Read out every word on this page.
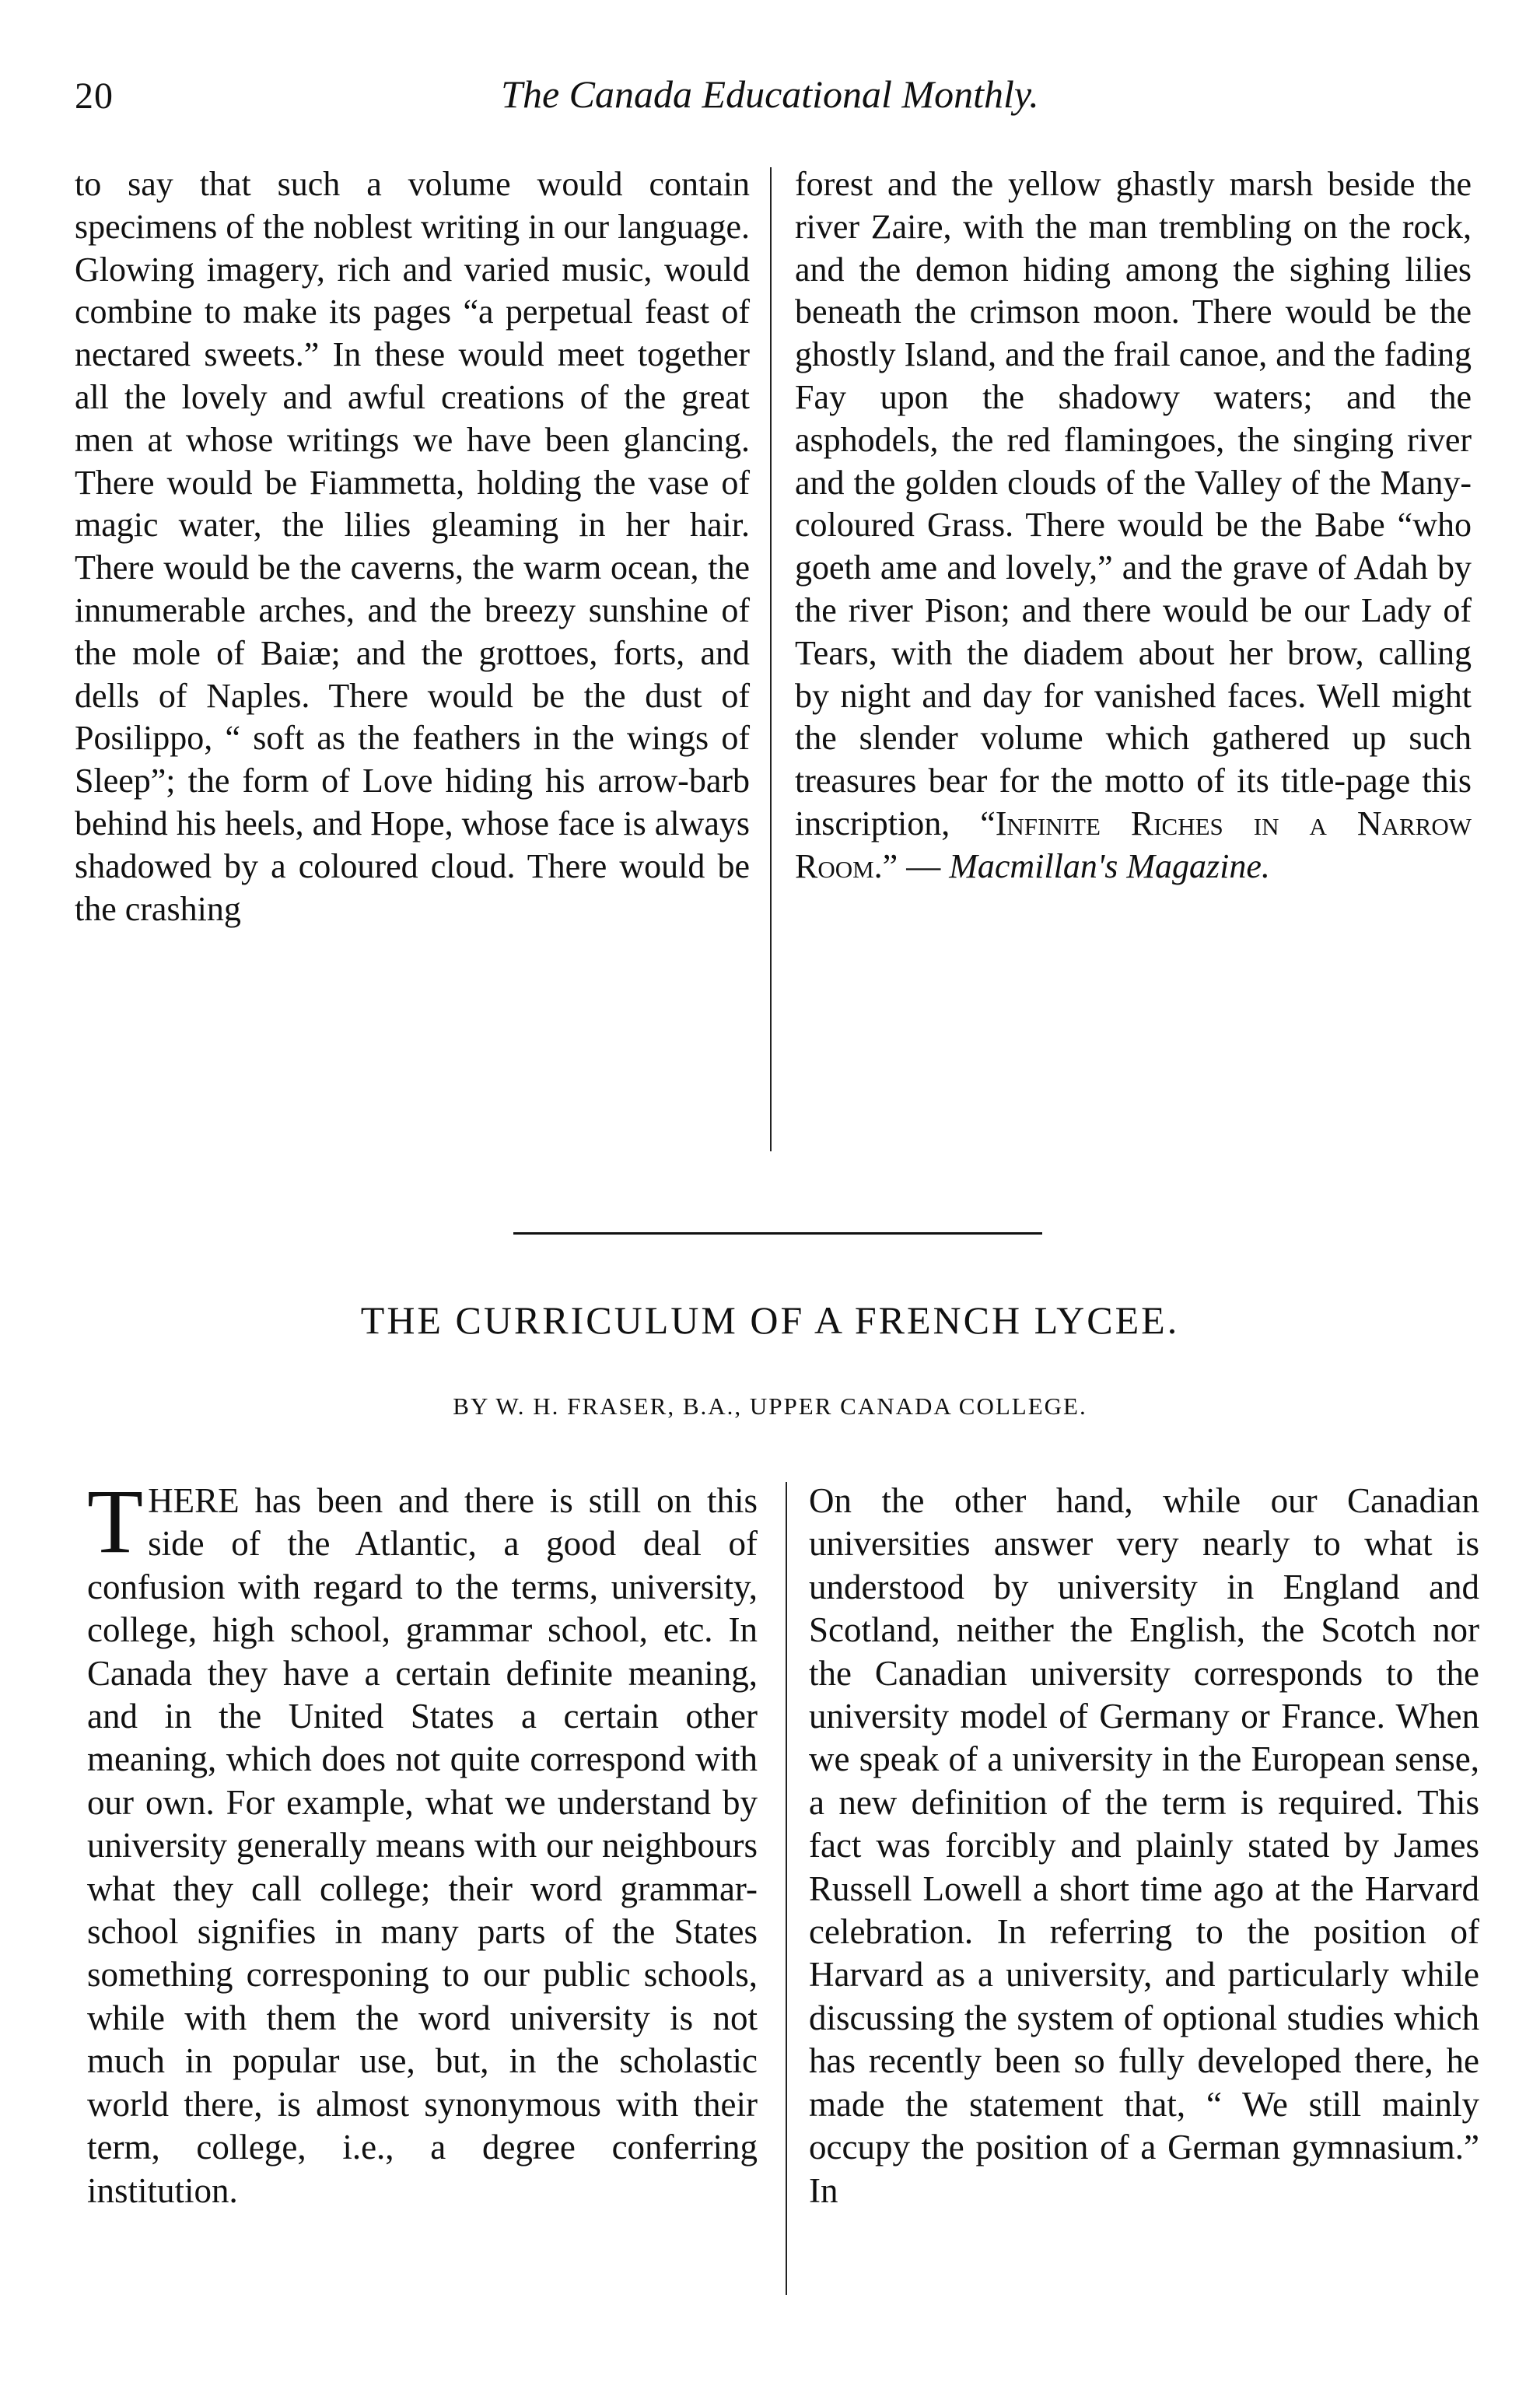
20	The Canada Educational Monthly.

to say that such a volume would contain specimens of the noblest writing in our language. Glowing imagery, rich and varied music, would combine to make its pages “a perpetual feast of nectared sweets.” In these would meet together all the lovely and awful creations of the great men at whose writings we have been glancing. There would be Fiammetta, holding the vase of magic water, the lilies gleaming in her hair. There would be the caverns, the warm ocean, the innumerable arches, and the breezy sunshine of the mole of Baiæ; and the grottoes, forts, and dells of Naples. There would be the dust of Posilippo, “ soft as the feathers in the wings of Sleep”; the form of Love hiding his arrow-barb behind his heels, and Hope, whose face is always shadowed by a coloured cloud. There would be the crashing

forest and the yellow ghastly marsh beside the river Zaire, with the man trembling on the rock, and the demon hiding among the sighing lilies beneath the crimson moon. There would be the ghostly Island, and the frail canoe, and the fading Fay upon the shadowy waters; and the asphodels, the red flamingoes, the singing river and the golden clouds of the Valley of the Many-coloured Grass. There would be the Babe “who goeth ame and lovely,” and the grave of Adah by the river Pison; and there would be our Lady of Tears, with the diadem about her brow, calling by night and day for vanished faces. Well might the slender volume which gathered up such treasures bear for the motto of its title-page this inscription, “Infinite Riches in a Narrow Room.” — Macmillan's Magazine.

THE CURRICULUM OF A FRENCH LYCEE.
BY W. H. FRASER, B.A., UPPER CANADA COLLEGE.

THERE has been and there is still on this side of the Atlantic, a good deal of confusion with regard to the terms, university, college, high school, grammar school, etc. In Canada they have a certain definite meaning, and in the United States a certain other meaning, which does not quite correspond with our own. For example, what we understand by university generally means with our neighbours what they call college; their word grammar-school signifies in many parts of the States something corresponing to our public schools, while with them the word university is not much in popular use, but, in the scholastic world there, is almost synonymous with their term, college, i.e., a degree conferring institution.

On the other hand, while our Canadian universities answer very nearly to what is understood by university in England and Scotland, neither the English, the Scotch nor the Canadian university corresponds to the university model of Germany or France. When we speak of a university in the European sense, a new definition of the term is required. This fact was forcibly and plainly stated by James Russell Lowell a short time ago at the Harvard celebration. In referring to the position of Harvard as a university, and particularly while discussing the system of optional studies which has recently been so fully developed there, he made the statement that, “ We still mainly occupy the position of a German gymnasium.” In
